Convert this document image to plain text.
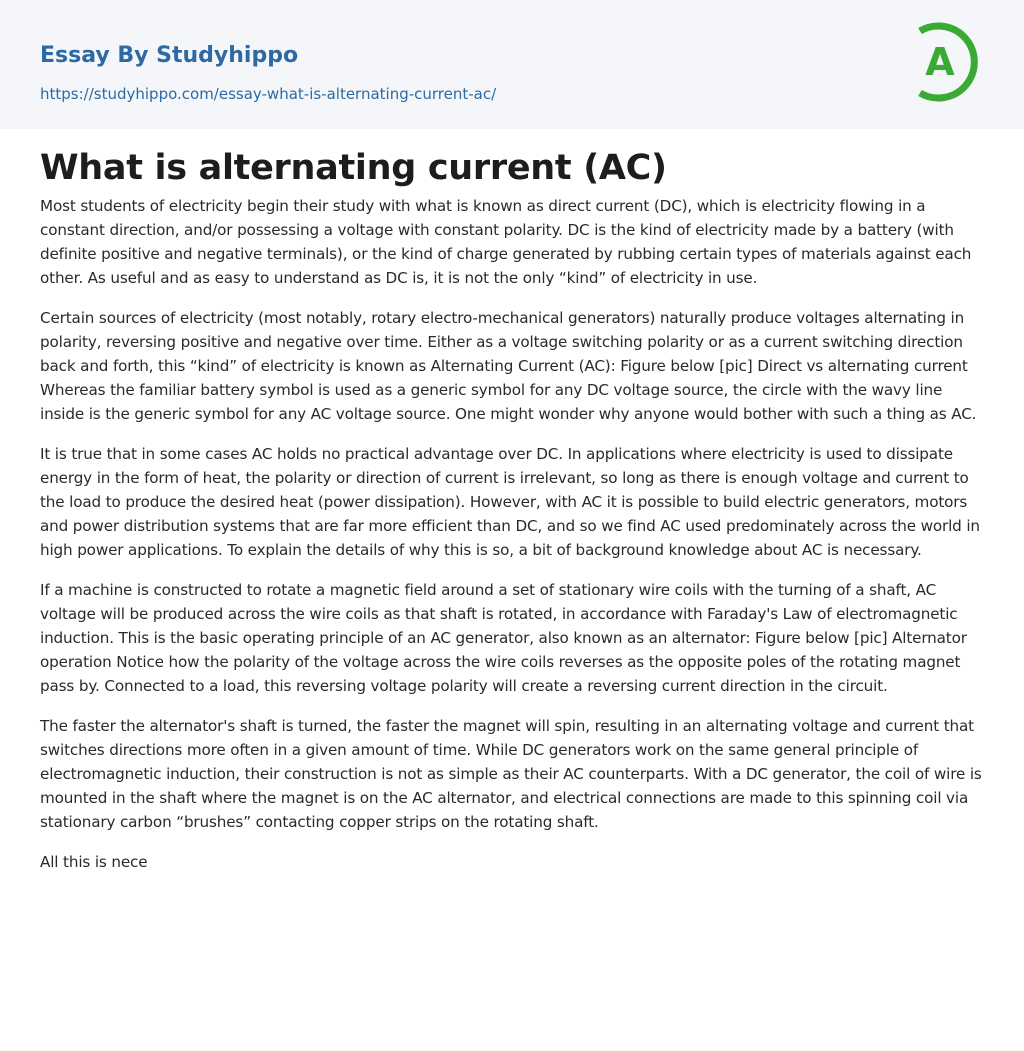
Essay By Studyhippo
https://studyhippo.com/essay-what-is-alternating-current-ac/
A
What is alternating current (AC)

Most students of electricity begin their study with what is known as direct current (DC), which is electricity flowing in a constant direction, and/or possessing a voltage with constant polarity. DC is the kind of electricity made by a battery (with definite positive and negative terminals), or the kind of charge generated by rubbing certain types of materials against each other. As useful and as easy to understand as DC is, it is not the only “kind” of electricity in use.

Certain sources of electricity (most notably, rotary electro-mechanical generators) naturally produce voltages alternating in polarity, reversing positive and negative over time. Either as a voltage switching polarity or as a current switching direction back and forth, this “kind” of electricity is known as Alternating Current (AC): Figure below [pic] Direct vs alternating current Whereas the familiar battery symbol is used as a generic symbol for any DC voltage source, the circle with the wavy line inside is the generic symbol for any AC voltage source. One might wonder why anyone would bother with such a thing as AC.

It is true that in some cases AC holds no practical advantage over DC. In applications where electricity is used to dissipate energy in the form of heat, the polarity or direction of current is irrelevant, so long as there is enough voltage and current to the load to produce the desired heat (power dissipation). However, with AC it is possible to build electric generators, motors and power distribution systems that are far more efficient than DC, and so we find AC used predominately across the world in high power applications. To explain the details of why this is so, a bit of background knowledge about AC is necessary.

If a machine is constructed to rotate a magnetic field around a set of stationary wire coils with the turning of a shaft, AC voltage will be produced across the wire coils as that shaft is rotated, in accordance with Faraday's Law of electromagnetic induction. This is the basic operating principle of an AC generator, also known as an alternator: Figure below [pic] Alternator operation Notice how the polarity of the voltage across the wire coils reverses as the opposite poles of the rotating magnet pass by. Connected to a load, this reversing voltage polarity will create a reversing current direction in the circuit.

The faster the alternator's shaft is turned, the faster the magnet will spin, resulting in an alternating voltage and current that switches directions more often in a given amount of time. While DC generators work on the same general principle of electromagnetic induction, their construction is not as simple as their AC counterparts. With a DC generator, the coil of wire is mounted in the shaft where the magnet is on the AC alternator, and electrical connections are made to this spinning coil via stationary carbon “brushes” contacting copper strips on the rotating shaft.

All this is nece
